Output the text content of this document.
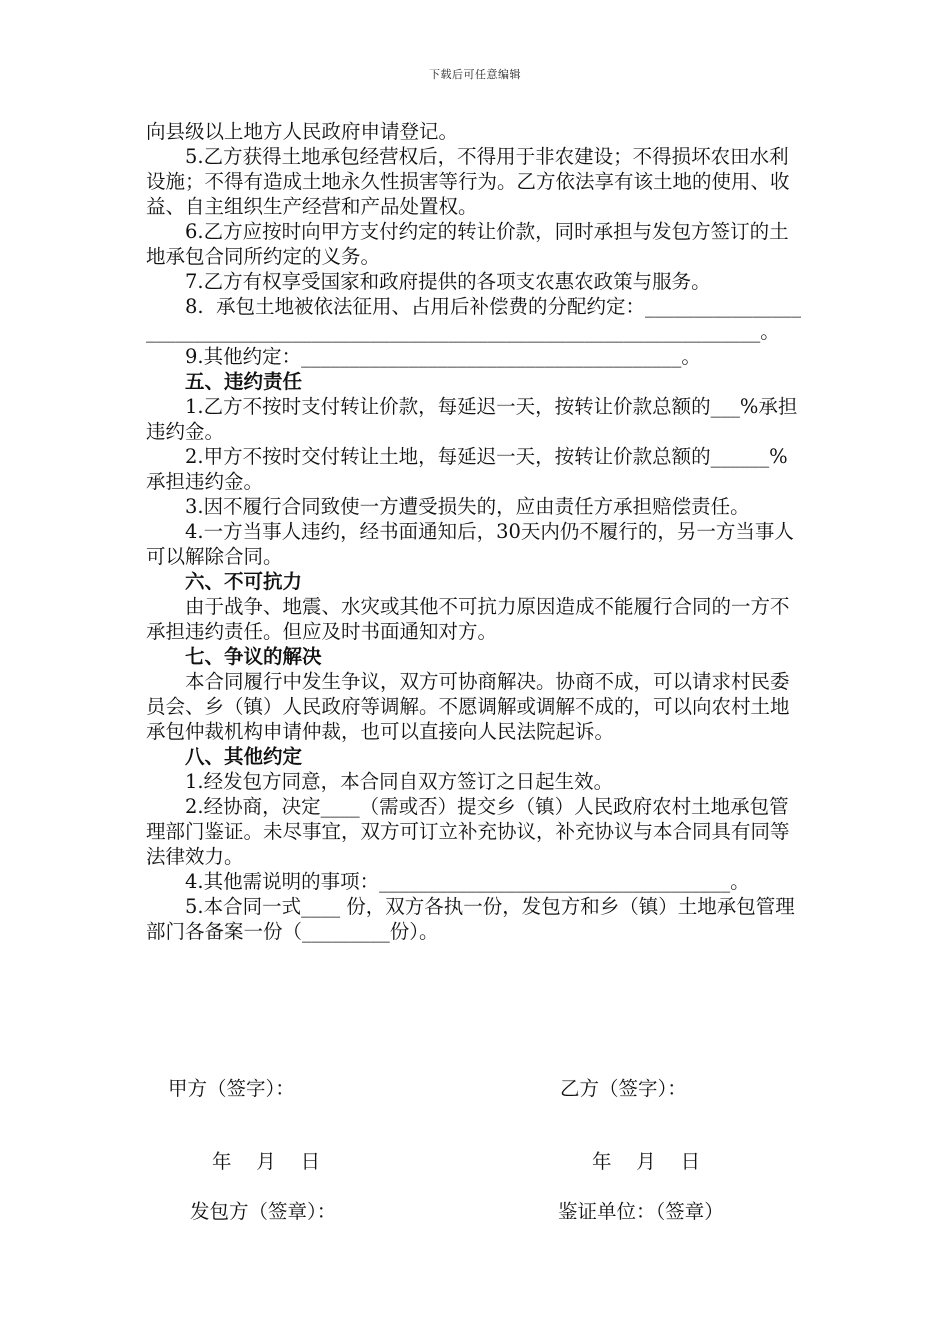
下载后可任意编辑

向县级以上地方人民政府申请登记。

5.乙方获得土地承包经营权后，不得用于非农建设；不得损坏农田水利设施；不得有造成土地永久性损害等行为。乙方依法享有该土地的使用、收益、自主组织生产经营和产品处置权。

6.乙方应按时向甲方支付约定的转让价款，同时承担与发包方签订的土地承包合同所约定的义务。

7.乙方有权享受国家和政府提供的各项支农惠农政策与服务。

8.  承包土地被依法征用、占用后补偿费的分配约定：_______________________________________________________________________________。

9.其他约定：_______________________________________。

五、违约责任

1.乙方不按时支付转让价款，每延迟一天，按转让价款总额的___%承担违约金。

2.甲方不按时交付转让土地，每延迟一天，按转让价款总额的______%承担违约金。

3.因不履行合同致使一方遭受损失的，应由责任方承担赔偿责任。

4.一方当事人违约，经书面通知后，30天内仍不履行的，另一方当事人可以解除合同。

六、不可抗力

由于战争、地震、水灾或其他不可抗力原因造成不能履行合同的一方不承担违约责任。但应及时书面通知对方。

七、争议的解决

本合同履行中发生争议，双方可协商解决。协商不成，可以请求村民委员会、乡（镇）人民政府等调解。不愿调解或调解不成的，可以向农村土地承包仲裁机构申请仲裁，也可以直接向人民法院起诉。

八、其他约定

1.经发包方同意，本合同自双方签订之日起生效。

2.经协商，决定____（需或否）提交乡（镇）人民政府农村土地承包管理部门鉴证。未尽事宜，双方可订立补充协议，补充协议与本合同具有同等法律效力。

4.其他需说明的事项：____________________________________。

5.本合同一式____ 份，双方各执一份，发包方和乡（镇）土地承包管理部门各备案一份（_________份）。

甲方（签字）：	乙方（签字）：
年    月    日	年    月    日
发包方（签章）：	鉴证单位：（签章）
